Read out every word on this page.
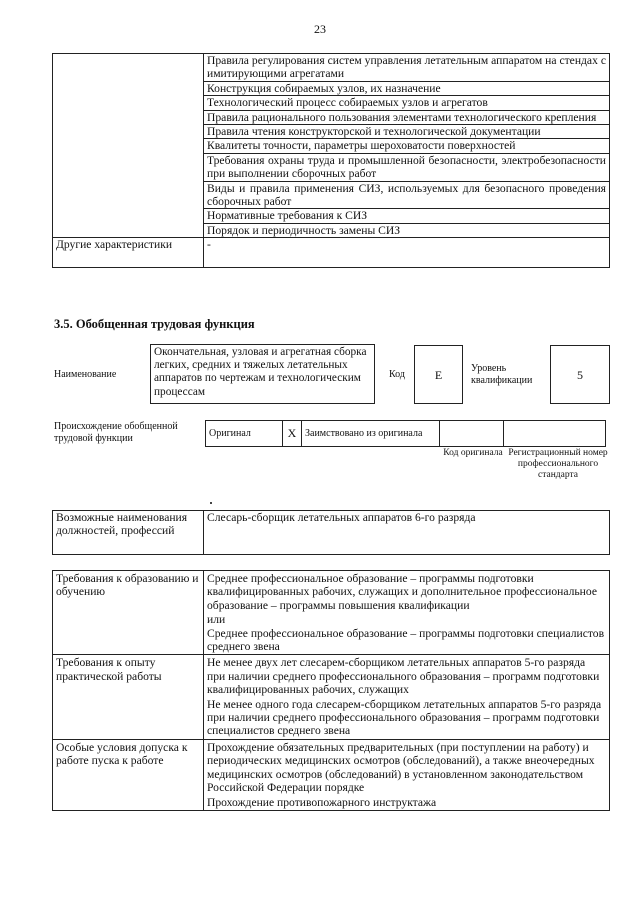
23
	Правила регулирования систем управления летательным аппаратом на стендах с имитирующими агрегатами
	Конструкция собираемых узлов, их назначение
	Технологический процесс собираемых узлов и агрегатов
	Правила рационального пользования элементами технологического крепления
	Правила чтения конструкторской и технологической документации
	Квалитеты точности, параметры шероховатости поверхностей
	Требования охраны труда и промышленной безопасности, электробезопасности при выполнении сборочных работ
	Виды и правила применения СИЗ, используемых для безопасного проведения сборочных работ
	Нормативные требования к СИЗ
	Порядок и периодичность замены СИЗ
Другие характеристики	-
3.5. Обобщенная трудовая функция
Наименование
Окончательная, узловая и агрегатная сборка легких, средних и тяжелых летательных аппаратов по чертежам и технологическим процессам
Код	E	Уровень квалификации	5
Происхождение обобщенной трудовой функции	Оригинал	X	Заимствовано из оригинала		
Код оригинала Регистрационный номер профессионального стандарта
Возможные наименования должностей, профессий	Слесарь-сборщик летательных аппаратов 6-го разряда
Требования к образованию и обучению	Среднее профессиональное образование – программы подготовки квалифицированных рабочих, служащих и дополнительное профессиональное образование – программы повышения квалификации
	или
	Среднее профессиональное образование – программы подготовки специалистов среднего звена
Требования к опыту практической работы	Не менее двух лет слесарем-сборщиком летательных аппаратов 5-го разряда при наличии среднего профессионального образования – программ подготовки квалифицированных рабочих, служащих
	Не менее одного года слесарем-сборщиком летательных аппаратов 5-го разряда при наличии среднего профессионального образования – программ подготовки специалистов среднего звена
Особые условия допуска к работе пуска к работе	Прохождение обязательных предварительных (при поступлении на работу) и периодических медицинских осмотров (обследований), а также внеочередных медицинских осмотров (обследований) в установленном законодательством Российской Федерации порядке
	Прохождение противопожарного инструктажа
